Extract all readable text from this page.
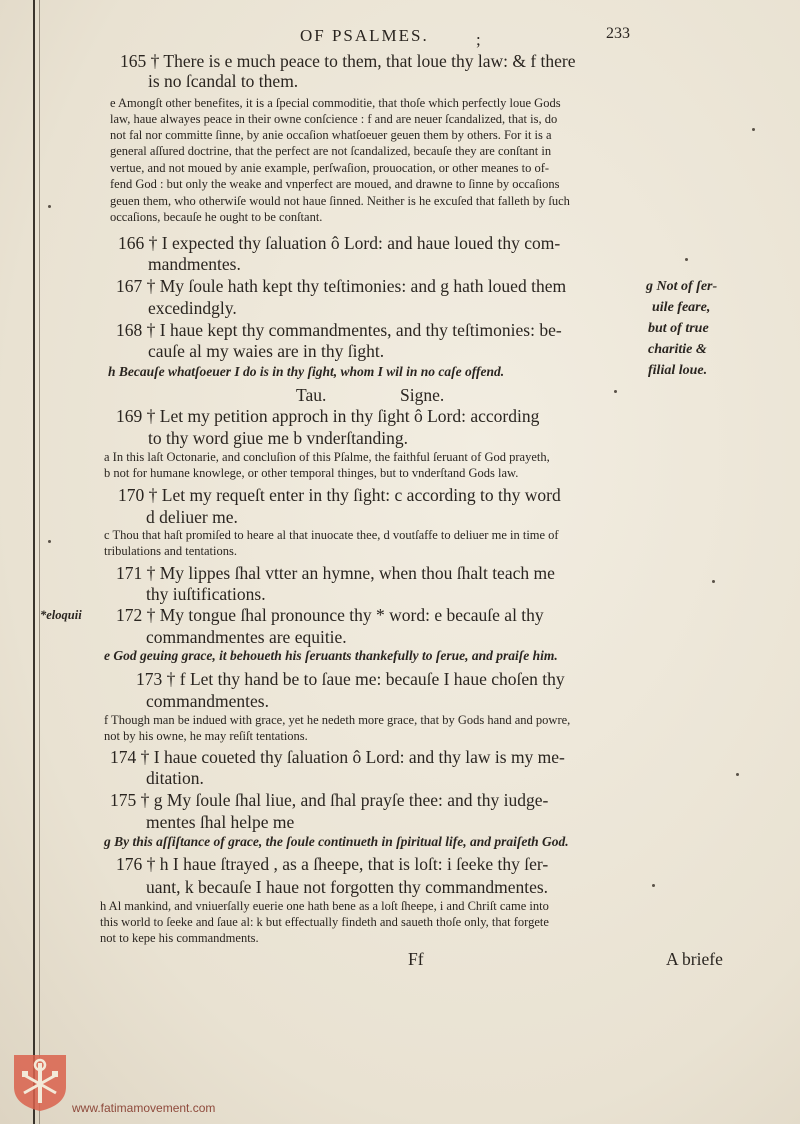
OF PSALMES.	;	233
165 † There is e much peace to them, that loue thy law: & f there
is no ſcandal to them.
e Amongſt other benefites, it is a ſpecial commoditie, that thoſe which perfectly loue Gods
law, haue alwayes peace in their owne conſcience : f and are neuer ſcandalized, that is, do
not fal nor committe ſinne, by anie occaſion whatſoeuer geuen them by others. For it is a
general aſſured doctrine, that the perfect are not ſcandalized, becauſe they are conſtant in
vertue, and not moued by anie example, perſwaſion, prouocation, or other meanes to of-
fend God : but only the weake and vnperfect are moued, and drawne to ſinne by occaſions
geuen them, who otherwiſe would not haue ſinned. Neither is he excuſed that falleth by ſuch
occaſions, becauſe he ought to be conſtant.
166 † I expected thy ſaluation ô Lord: and haue loued thy com-
mandmentes.
167 † My ſoule hath kept thy teſtimonies: and g hath loued them
excedindgly.
168 † I haue kept thy commandmentes, and thy teſtimonies: be-
cauſe al my waies are in thy ſight.
g Not of ſer-
uile feare,
but of true
charitie &
filial loue.
h Becauſe whatſoeuer I do is in thy ſight, whom I wil in no caſe offend.
Tau.	Signe.
169 † Let my petition approch in thy ſight ô Lord: according
to thy word giue me b vnderſtanding.
a In this laſt Octonarie, and concluſion of this Pſalme, the faithful ſeruant of God prayeth,
b not for humane knowlege, or other temporal thinges, but to vnderſtand Gods law.
170 † Let my requeſt enter in thy ſight: c according to thy word
d deliuer me.
c Thou that haſt promiſed to heare al that inuocate thee, d voutſaffe to deliuer me in time of
tribulations and tentations.
171 † My lippes ſhal vtter an hymne, when thou ſhalt teach me
thy iuſtifications.
*eloquii 172 † My tongue ſhal pronounce thy * word: e becauſe al thy
commandmentes are equitie.
e God geuing grace, it behoueth his ſeruants thankefully to ſerue, and praiſe him.
173 † f Let thy hand be to ſaue me: becauſe I haue choſen thy
commandmentes.
f Though man be indued with grace, yet he nedeth more grace, that by Gods hand and powre,
not by his owne, he may reſiſt tentations.
174 † I haue coueted thy ſaluation ô Lord: and thy law is my me-
ditation.
175 † g My ſoule ſhal liue, and ſhal prayſe thee: and thy iudge-
mentes ſhal helpe me
g By this aſſiſtance of grace, the ſoule continueth in ſpiritual life, and praiſeth God.
176 † h I haue ſtrayed , as a ſheepe, that is loſt: i ſeeke thy ſer-
uant, k becauſe I haue not forgotten thy commandmentes.
h Al mankind, and vniuerſally euerie one hath bene as a loſt ſheepe, i and Chriſt came into
this world to ſeeke and ſaue al: k but effectually findeth and saueth thoſe only, that forgete
not to kepe his commandments.
Ff	A briefe
www.fatimamovement.com
